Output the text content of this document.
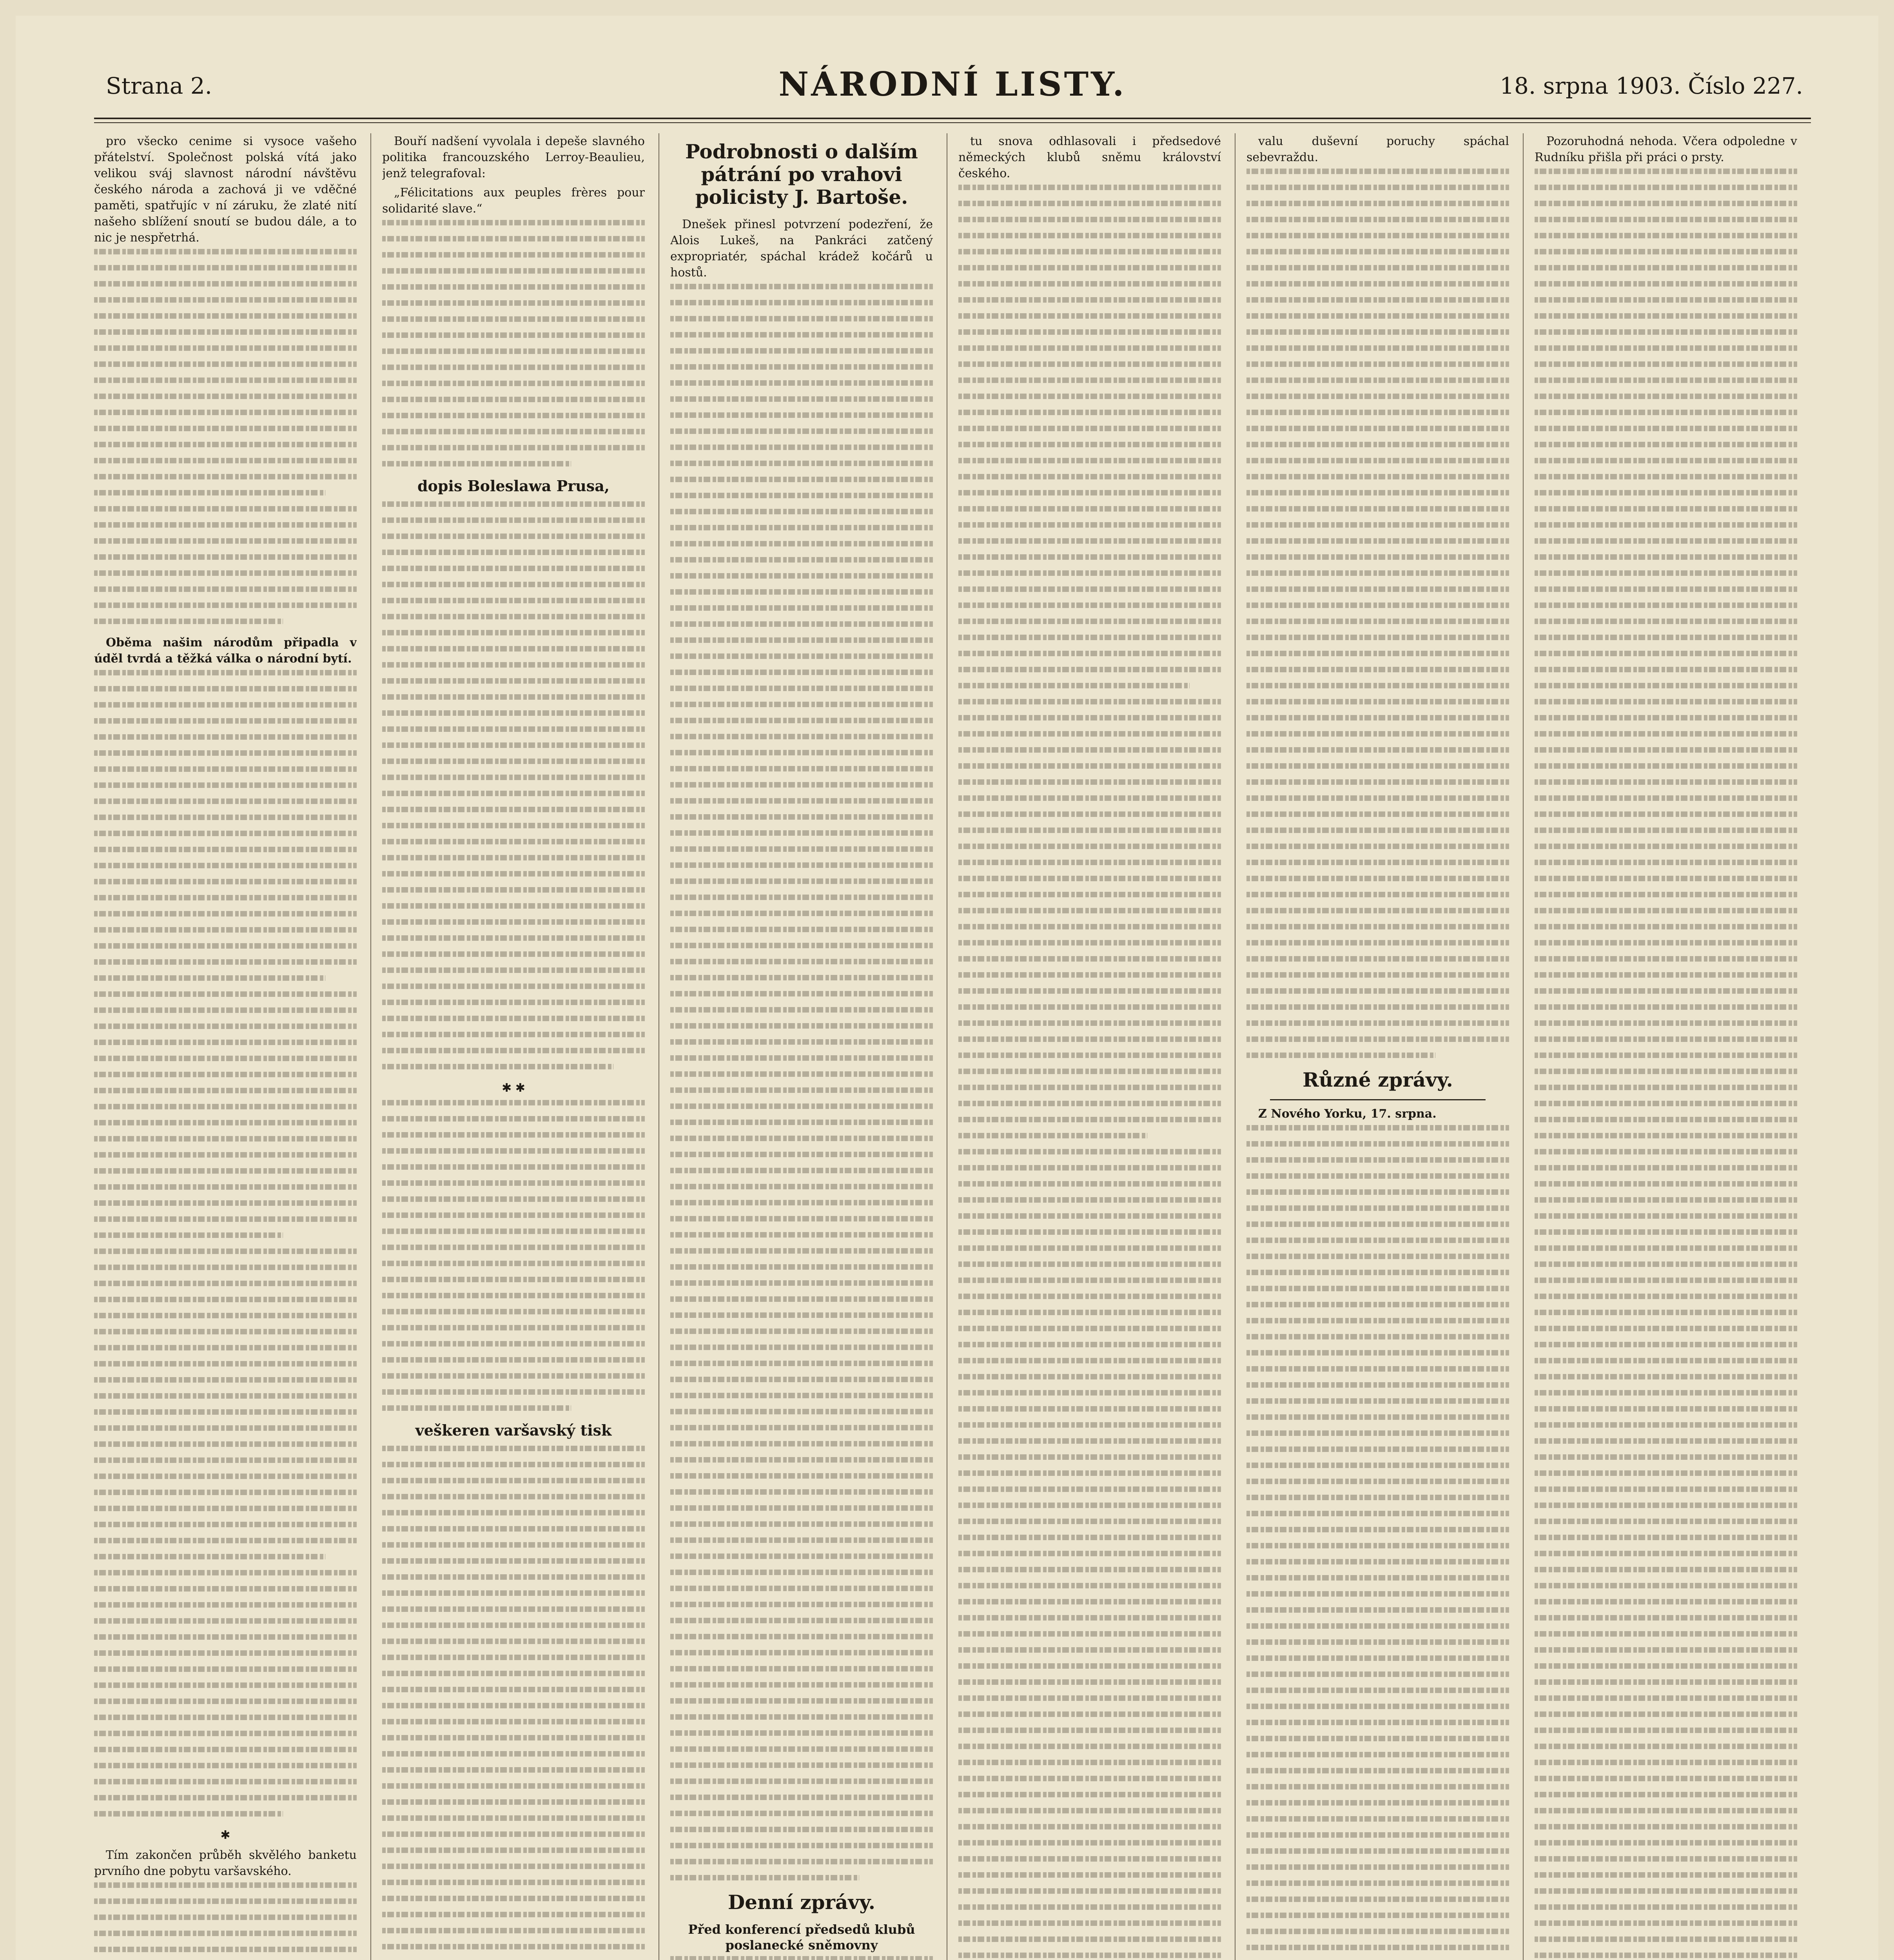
Strana 2.	NÁRODNÍ LISTY.	18. srpna 1903. Číslo 227.

pro všecko cenime si vysoce vašeho přátelství. Společnost polská vítá jako velikou sváj slavnost národní návštěvu českého národa a zachová ji ve vděčné paměti, spatřujíc v ní záruku, že zlaté nití našeho sblížení snoutí se budou dále, a to nic je nespřetrhá.

Oběma našim národům připadla v úděl tvrdá a těžká válka o národní bytí.

✱

Tím zakončen průběh skvělého banketu prvního dne pobytu varšavského.

Bouří nadšení vyvolala i depeše slavného politika francouzského Lerroy-Beaulieu, jenž telegrafoval:

„Félicitations aux peuples frères pour solidarité slave.“

dopis Boleslawa Prusa,
✱ ✱
veškeren varšavský tisk
Podrobnosti o dalším pátrání po vrahovi policisty J. Bartoše.

Dnešek přinesl potvrzení podezření, že Alois Lukeš, na Pankráci zatčený expropriatér, spáchal krádež kočárů u hostů.

Denní zprávy.
Před konferencí předsedů klubů poslanecké sněmovny

tu snova odhlasovali i předsedové německých klubů sněmu království českého.

valu duševní poruchy spáchal sebevraždu.

Různé zprávy.

Z Nového Yorku, 17. srpna.

Pozoruhodná nehoda. Včera odpoledne v Rudníku přišla při práci o prsty.
